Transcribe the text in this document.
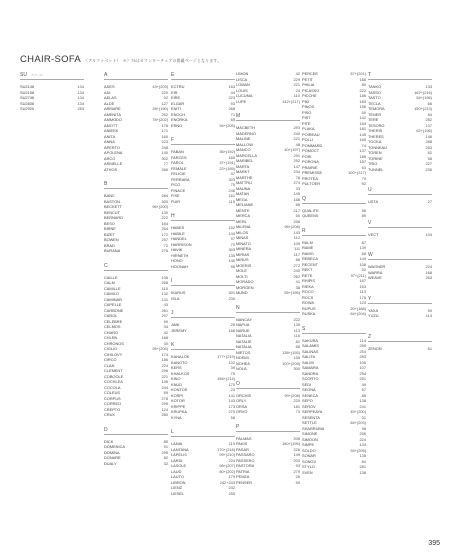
CHAIR-SOFA （アルファベット）　※）75はカウンターチェアの掲載ページとなります。
SU スツール
SU2146	134
SU2158	134
SU2748	134
SU2836	134
SU2920	283
A
ADES	43+(203)
ADI	220
AELAS	92
ALDE	127
ARMARE	28+(190)
AMENITA	252
AMMODO	78+(202)
AMOTT	178
ANIEEK	171
ANITA	160
ANNA	223
APERTO	248
APOLENA	140
ARCO	302
ARMELLE	77
ATHOS	266
B
BANC	284
BASTON	300
BECKETT	96+(200)
BENCUT	130
BERNARD	222
BESO	164
BIRNE	264
BIZET	172
BOWEN	257
BRAD	72
BURANA	276
C
CAILLE	106
CALM	268
CAMILLE	110
CAMILO	132
CAMINAR	131
CAPELLE	43
CARBONE	261
CAROL	297
CELEBRE	90
CELMOS	34
CHARO	42
CHLEB	168
CHRONOS	30
CIGLIO	95+(204)
CIHILOVY	174
CIRCO	186
CLAN	224
CLEMENT	296
COBOOLE	221
COCHLEA	146
COCOLA	244
COLEUS	69
CORPUS	278
CORREO	299
CREPTO	124
CRUX	280
D
DICK	85
DOMENICA	91
DOMINA	295
DONARE	82
DUALY	32
E
ECTRU	163
EIR	44
EIRE	223
ELGAR	93
ENITI	268
ENOCH	71
ENORKA	65
ERNO	94+(205)
F
FABAN	36+(192)
FARCES	165
FAROL	37+(191)
FEMALE	22+(189)
FELICIE	47
FERRARA	303
FICO	70
FINACE	246
FIXE	161
FUIR	115
H
HABES	152
HABILE	144
HANDEL	97
HARRISON	70
HAVIK	303
HIRNETH	135
HONO	140
HOONAH	95
I
IKARUS	301
ISLA	230
J
JANI	25
JEREMY	168
K
KANALOK	177+(219)
KANOTO	102
KERS	39
KHALKOS	79
KINO	156+(214)
KNUD	170
KONTOS	23
KORPI	141
KOTOR	143
KRIPPE	173
KRUPKA	270
KYNA	58
L
LANAI	119
LANTANA	170+(218)
LAPELIS	99+(210)
LARDI	224
LASOLE	98+(207)
LAUD	80+(202)
LAUTO	179
LIBRON	242+243
LIENZ	232
LIESEL	255
LIMON	42
LISCA	229
LOMAN	221
LOUIS	24
LUCUMA	110
LUPE	142+(217)
M
MACBETH	293
MADERNO	249
MALINE	221
MALLOW	48
MANCO	40+(197)
MARCELLA	291
MARIBEL	292
MARTA	147
MARKT	234
MARTHE	76
MATTRU	274
MAUNA	33
MATAN	145
MEGA	166
MELIANE	85
MENTE	217
MERCA	50
MERL	298
MILENA	96+(208)
MILOS	143
MINAS	112
MINATO	109
MINERA	111
MIRIAS	117
MIRUS	86
MOERIS	272
MOLE	240
MOLTI	262
MORADO	41
MORGEN	38
MUND	55+(195)
N
NANCAY	222
NAPUA	139
NARUE	113
NATALIA	116
NATALIE	81
NATALIA	68
NIETOS	136+(193)
NOEMI	155
NOHEA	100+(209)
NOLA	300
O
ORCHIS	99+(208)
ORLY	220
ORSA	181
ORVO	73
P
PALMAS	206
PAKIS	180+(195)
PASAR	226
PASSARO	149
PASSERO	203
PASTORA	93
PATRIA	279
PEMZA	26
PENSER	59
PERCEE	57+(201)
PETIT	186
PHILIA	80
PICASSO	222
PICCHE	186
PIKI	183
PINOS	156
PISO	50
PIST	142
PITE	184
PLAKA	181
POIREAU	145
POLLI	165
POMMARD	74
POMOCT	137
PORI	185
PORONA	187
PRAIRIE	63
PREMISSE	100+(217)
PROTEA	79
PULTOER	92
Q
QUALITE	56
QUEENS	89
R
RALM	87
RAME	139
RAMO	68
REBECA	144
RECENT	108
REKT	52
RETE	97+(211)
RHIPIS	167
RIEKA	163
ROCO	113
ROCS	175
ROWA	124
RUPUS	20+(188)
RUSKA	64+(204)
S
SAKURA	114
SALAMIS	295
SALINAS	254
SALITA	283
SALMI	106
SAMARA	107
SANDRA	294
SCORTO	251
SEDI	49
SEGNA	57
SENECA	86
SEPO	138
SEROV	241
SERPEAYA	45+(200)
SESENTA	31
SETTLE	64+(203)
SHARRUMA	98
SIMONE	256
SIMOON	224
SIMPE	134
SOLDO	94+(205)
SONAR	135
SONOV	84
STYLO	281
SVEN	138
T
TANKO	133
TASSO	162+(216)
TASTO	54+(196)
TECLA	66
TEMORA	150+(213)
TENER	84
TERE	282
TESORO	137
THERIS	62+(196)
THERES	146
TOCKA	288
TONNEAU	283
TOREN	82
TORINE	56
TRIO	227
TUNNEL	236
U
USTA	27
V
VECT	104
W
WAGNER	224
WARRA	168
WEAVE	263
Y
YAXA	90
YUZU	114
Z
ZENON	61
395
